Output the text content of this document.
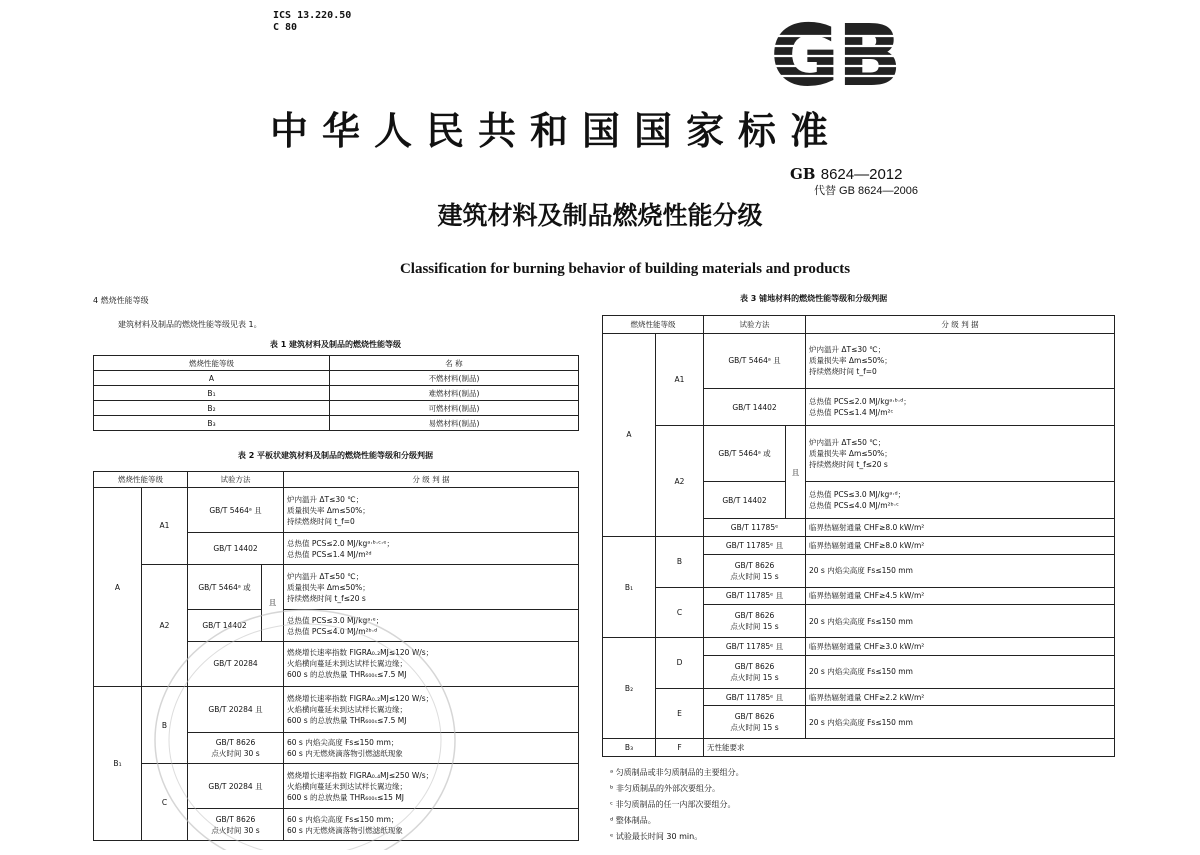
ICS 13.220.50
C 80	GB
中华人民共和国国家标准
GB 8624—2012
代替 GB 8624—2006
建筑材料及制品燃烧性能分级
Classification for burning behavior of building materials and products
4 燃烧性能等级
建筑材料及制品的燃烧性能等级见表 1。
表 1 建筑材料及制品的燃烧性能等级
燃烧性能等级	名 称
A	不燃材料(制品)
B₁	难燃材料(制品)
B₂	可燃材料(制品)
B₃	易燃材料(制品)
表 2 平板状建筑材料及制品的燃烧性能等级和分级判据
燃烧性能等级		试验方法		分 级 判 据
A	A1	GB/T 5464ᵃ 且		炉内温升 ΔT≤30 ℃；
质量损失率 Δm≤50%；
持续燃烧时间 t_f=0

		GB/T 14402		总热值 PCS≤2.0 MJ/kgᵃ·ᵇ·ᶜ·ᵉ；
总热值 PCS≤1.4 MJ/m²ᵈ

	A2	GB/T 5464ᵃ 或	且	炉内温升 ΔT≤50 ℃；
质量损失率 Δm≤50%；
持续燃烧时间 t_f≤20 s

		GB/T 14402		总热值 PCS≤3.0 MJ/kgᵃ·ᵉ；
总热值 PCS≤4.0 MJ/m²ᵇ·ᵈ

		GB/T 20284		燃烧增长速率指数 FIGRA₀.₂MJ≤120 W/s；
火焰横向蔓延未到达试样长翼边缘；
600 s 的总放热量 THR₆₀₀ₛ≤7.5 MJ

B₁	B	GB/T 20284 且		燃烧增长速率指数 FIGRA₀.₂MJ≤120 W/s；
火焰横向蔓延未到达试样长翼边缘；
600 s 的总放热量 THR₆₀₀ₛ≤7.5 MJ

		GB/T 8626
点火时间 30 s		60 s 内焰尖高度 Fs≤150 mm；
60 s 内无燃烧滴落物引燃滤纸现象

	C	GB/T 20284 且		燃烧增长速率指数 FIGRA₀.₄MJ≤250 W/s；
火焰横向蔓延未到达试样长翼边缘；
600 s 的总放热量 THR₆₀₀ₛ≤15 MJ

		GB/T 8626
点火时间 30 s		60 s 内焰尖高度 Fs≤150 mm；
60 s 内无燃烧滴落物引燃滤纸现象
表 3 铺地材料的燃烧性能等级和分级判据
燃烧性能等级		试验方法		分 级 判 据
A	A1	GB/T 5464ᵃ 且		炉内温升 ΔT≤30 ℃；
质量损失率 Δm≤50%；
持续燃烧时间 t_f=0

		GB/T 14402		总热值 PCS≤2.0 MJ/kgᵃ·ᵇ·ᵈ；
总热值 PCS≤1.4 MJ/m²ᶜ

	A2	GB/T 5464ᵃ 或	且	炉内温升 ΔT≤50 ℃；
质量损失率 Δm≤50%；
持续燃烧时间 t_f≤20 s

		GB/T 14402		总热值 PCS≤3.0 MJ/kgᵃ·ᵈ；
总热值 PCS≤4.0 MJ/m²ᵇ·ᶜ

		GB/T 11785ᵉ		临界热辐射通量 CHF≥8.0 kW/m²
B₁	B	GB/T 11785ᵉ 且		临界热辐射通量 CHF≥8.0 kW/m²

		GB/T 8626
点火时间 15 s		20 s 内焰尖高度 Fs≤150 mm
	C	GB/T 11785ᵉ 且		临界热辐射通量 CHF≥4.5 kW/m²

		GB/T 8626
点火时间 15 s		20 s 内焰尖高度 Fs≤150 mm
B₂	D	GB/T 11785ᵉ 且		临界热辐射通量 CHF≥3.0 kW/m²

		GB/T 8626
点火时间 15 s		20 s 内焰尖高度 Fs≤150 mm
	E	GB/T 11785ᵉ 且		临界热辐射通量 CHF≥2.2 kW/m²

		GB/T 8626
点火时间 15 s		20 s 内焰尖高度 Fs≤150 mm
B₃	F	无性能要求		
ᵃ 匀质制品或非匀质制品的主要组分。
ᵇ 非匀质制品的外部次要组分。
ᶜ 非匀质制品的任一内部次要组分。
ᵈ 整体制品。
ᵉ 试验最长时间 30 min。
